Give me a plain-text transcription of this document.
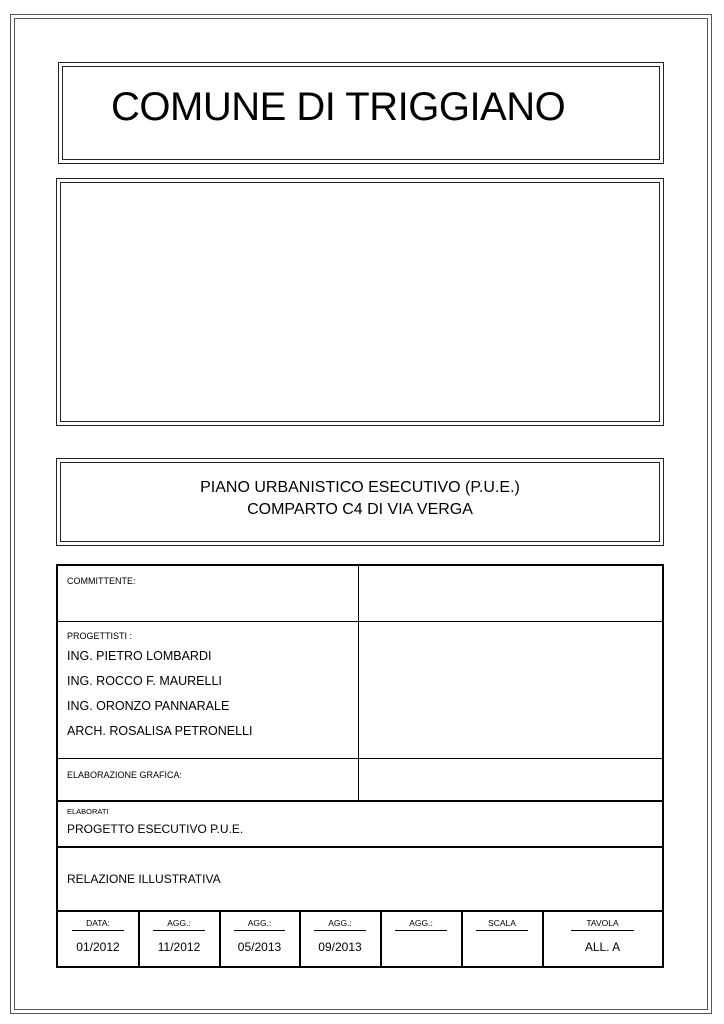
COMUNE DI TRIGGIANO
PIANO URBANISTICO ESECUTIVO (P.U.E.)
COMPARTO C4 DI VIA VERGA
COMMITTENTE:
PROGETTISTI :
ING. PIETRO LOMBARDI
ING. ROCCO F. MAURELLI
ING. ORONZO PANNARALE
ARCH. ROSALISA PETRONELLI
ELABORAZIONE GRAFICA:
ELABORATI
PROGETTO ESECUTIVO P.U.E.
RELAZIONE ILLUSTRATIVA
DATA:
01/2012
AGG.:
11/2012
AGG.:
05/2013
AGG.:
09/2013
AGG.:	SCALA	TAVOLA
ALL. A
